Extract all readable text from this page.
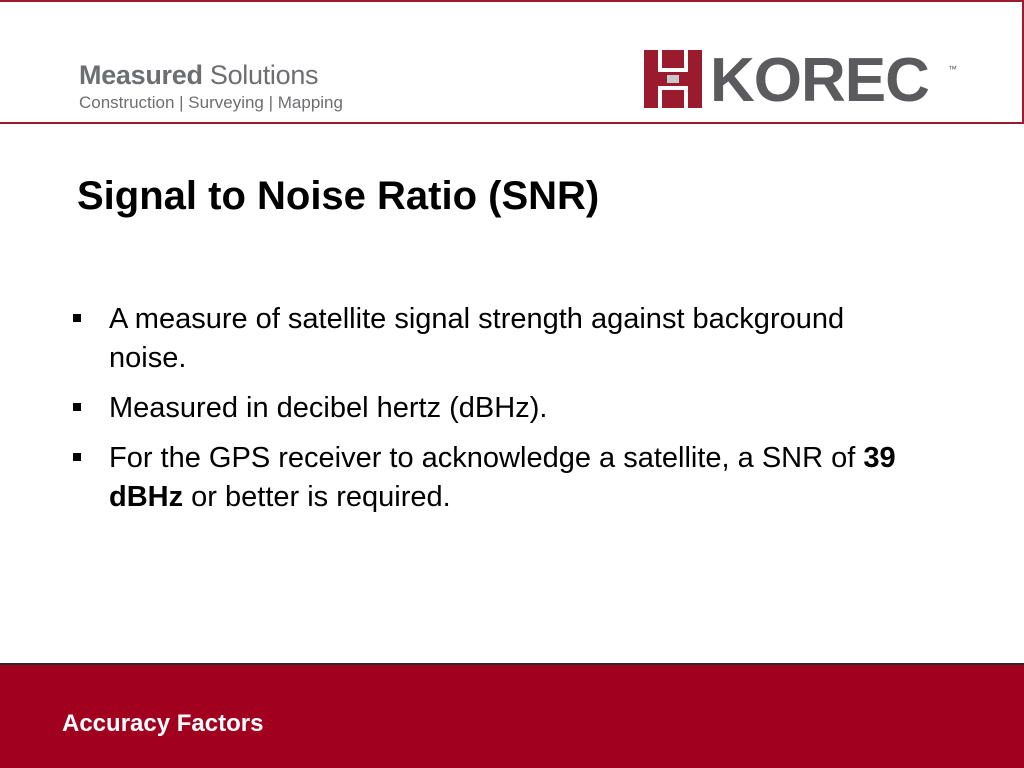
Measured Solutions
Construction | Surveying | Mapping	KOREC ™
Signal to Noise Ratio (SNR)
A measure of satellite signal strength against background noise.
Measured in decibel hertz (dBHz).
For the GPS receiver to acknowledge a satellite, a SNR of 39 dBHz or better is required.
Accuracy Factors
